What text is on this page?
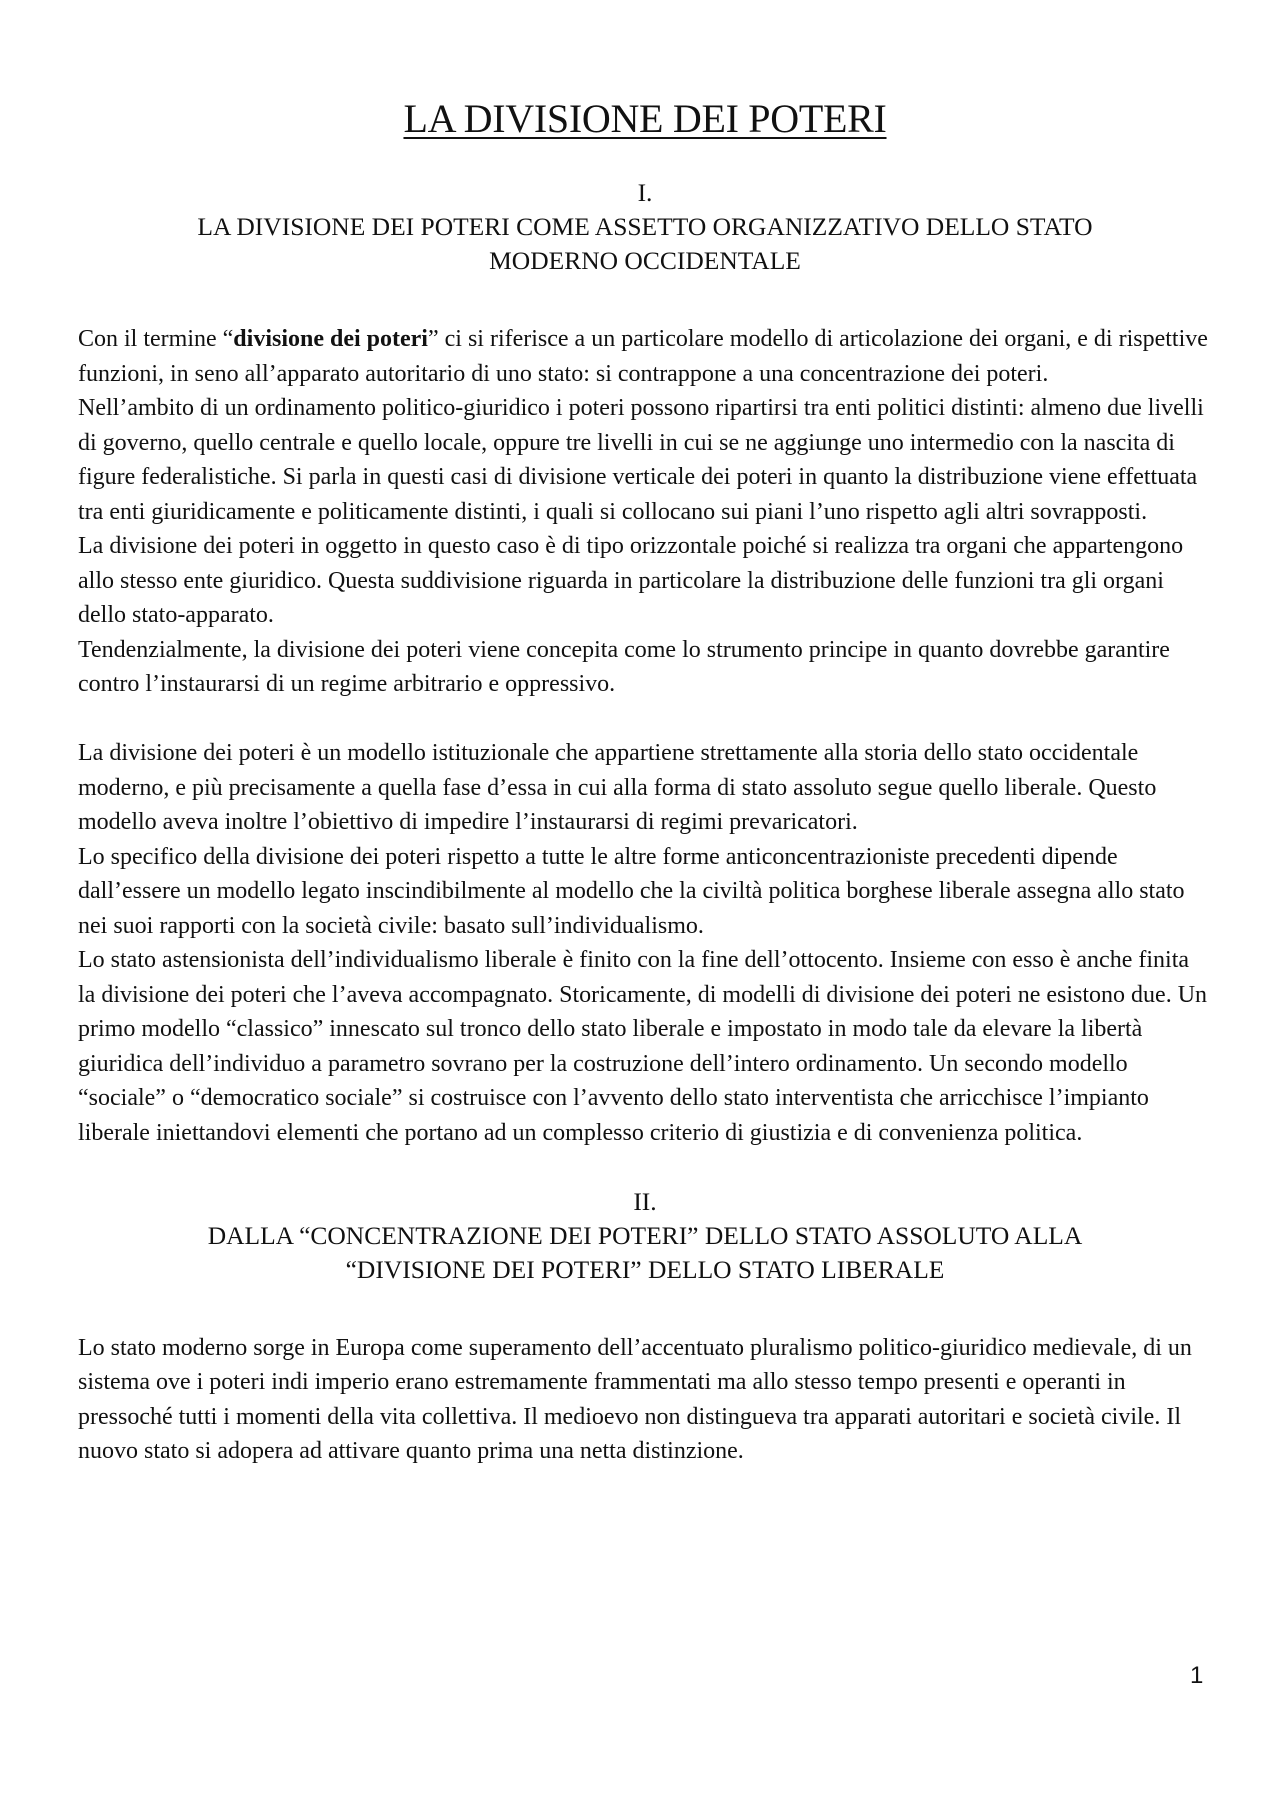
LA DIVISIONE DEI POTERI
I.
LA DIVISIONE DEI POTERI COME ASSETTO ORGANIZZATIVO DELLO STATO
MODERNO OCCIDENTALE

Con il termine “divisione dei poteri” ci si riferisce a un particolare modello di articolazione dei organi, e di rispettive funzioni, in seno all’apparato autoritario di uno stato: si contrappone a una concentrazione dei poteri.

Nell’ambito di un ordinamento politico-giuridico i poteri possono ripartirsi tra enti politici distinti: almeno due livelli di governo, quello centrale e quello locale, oppure tre livelli in cui se ne aggiunge uno intermedio con la nascita di figure federalistiche. Si parla in questi casi di divisione verticale dei poteri in quanto la distribuzione viene effettuata tra enti giuridicamente e politicamente distinti, i quali si collocano sui piani l’uno rispetto agli altri sovrapposti.

La divisione dei poteri in oggetto in questo caso è di tipo orizzontale poiché si realizza tra organi che appartengono allo stesso ente giuridico. Questa suddivisione riguarda in particolare la distribuzione delle funzioni tra gli organi dello stato-apparato.

Tendenzialmente, la divisione dei poteri viene concepita come lo strumento principe in quanto dovrebbe garantire contro l’instaurarsi di un regime arbitrario e oppressivo.

La divisione dei poteri è un modello istituzionale che appartiene strettamente alla storia dello stato occidentale moderno, e più precisamente a quella fase d’essa in cui alla forma di stato assoluto segue quello liberale. Questo modello aveva inoltre l’obiettivo di impedire l’instaurarsi di regimi prevaricatori.

Lo specifico della divisione dei poteri rispetto a tutte le altre forme anticoncentrazioniste precedenti dipende dall’essere un modello legato inscindibilmente al modello che la civiltà politica borghese liberale assegna allo stato nei suoi rapporti con la società civile: basato sull’individualismo.

Lo stato astensionista dell’individualismo liberale è finito con la fine dell’ottocento. Insieme con esso è anche finita la divisione dei poteri che l’aveva accompagnato. Storicamente, di modelli di divisione dei poteri ne esistono due. Un primo modello “classico” innescato sul tronco dello stato liberale e impostato in modo tale da elevare la libertà giuridica dell’individuo a parametro sovrano per la costruzione dell’intero ordinamento. Un secondo modello “sociale” o “democratico sociale” si costruisce con l’avvento dello stato interventista che arricchisce l’impianto liberale iniettandovi elementi che portano ad un complesso criterio di giustizia e di convenienza politica.

II.
DALLA “CONCENTRAZIONE DEI POTERI” DELLO STATO ASSOLUTO ALLA
“DIVISIONE DEI POTERI” DELLO STATO LIBERALE

Lo stato moderno sorge in Europa come superamento dell’accentuato pluralismo politico-giuridico medievale, di un sistema ove i poteri indi imperio erano estremamente frammentati ma allo stesso tempo presenti e operanti in pressoché tutti i momenti della vita collettiva. Il medioevo non distingueva tra apparati autoritari e società civile. Il nuovo stato si adopera ad attivare quanto prima una netta distinzione.

1
